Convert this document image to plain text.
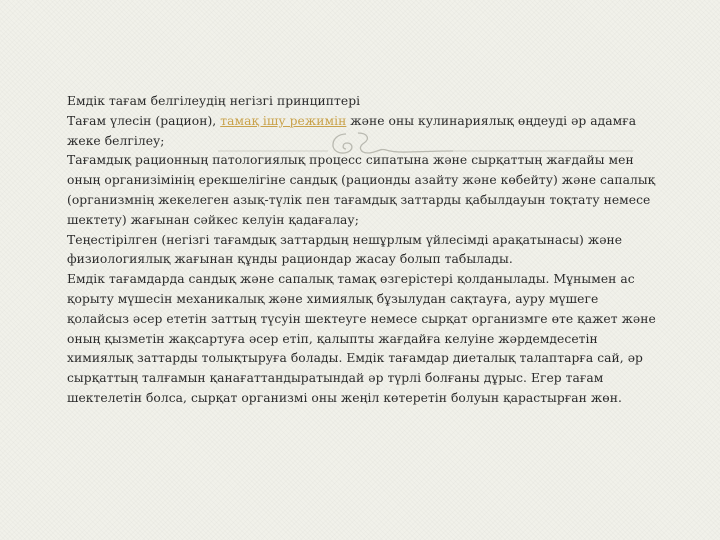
Емдік тағам белгілеудің негізгі принциптері

Тағам үлесін (рацион), тамақ ішу режимін және оны кулинариялық өңдеуді әр адамға жеке белгілеу;

Тағамдық рационның патологиялық процесс сипатына және сырқаттың жағдайы мен оның организімінің ерекшелігіне сандық (рационды азайту және көбейту) және сапалық (организмнің жекелеген азық-түлік пен тағамдық заттарды қабылдауын тоқтату немесе шектету) жағынан сәйкес келуін қадағалау;

Теңестірілген (негізгі тағамдық заттардың нешұрлым үйлесімді арақатынасы) және физиологиялық жағынан құнды рациондар жасау болып табылады.

Емдік тағамдарда сандық және сапалық тамақ өзгерістері қолданылады. Мұнымен ас қорыту мүшесін механикалық және химиялық бұзылудан сақтауға, ауру мүшеге қолайсыз әсер ететін заттың түсуін шектеуге немесе сырқат организмге өте қажет және оның қызметін жақсартуға әсер етіп, қалыпты жағдайға келуіне жәрдемдесетін химиялық заттарды толықтыруға болады. Емдік тағамдар диеталық талаптарға сай, әр сырқаттың талғамын қанағаттандыратындай әр түрлі болғаны дұрыс. Егер тағам шектелетін болса, сырқат организмі оны жеңіл көтеретін болуын қарастырған жөн.
